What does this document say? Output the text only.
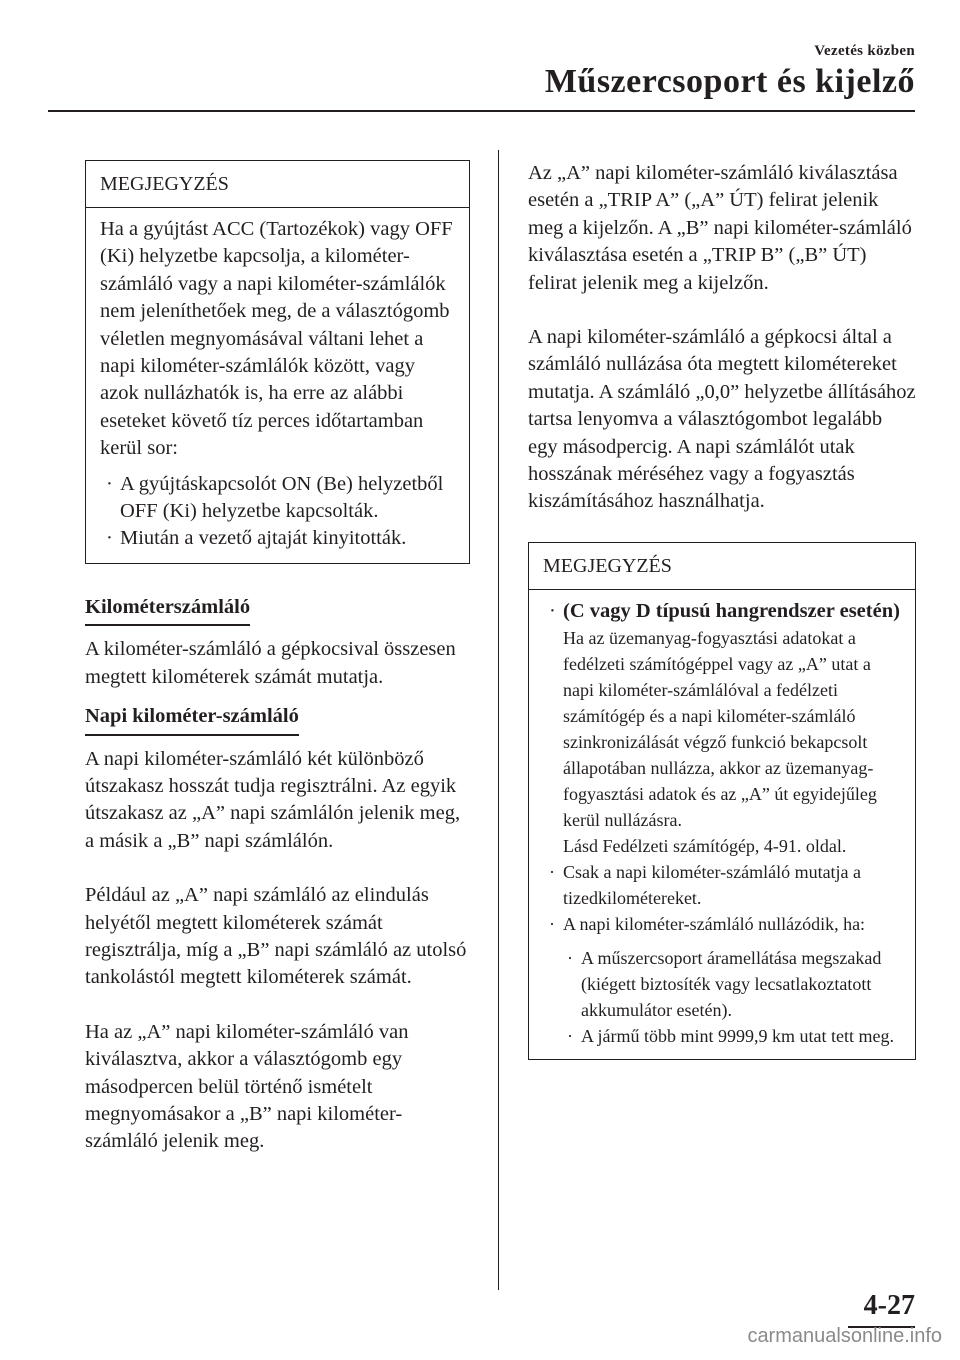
Vezetés közben
Műszercsoport és kijelző
MEGJEGYZÉS

Ha a gyújtást ACC (Tartozékok) vagy OFF (Ki) helyzetbe kapcsolja, a kilométer-számláló vagy a napi kilométer-számlálók nem jeleníthetőek meg, de a választógomb véletlen megnyomásával váltani lehet a napi kilométer-számlálók között, vagy azok nullázhatók is, ha erre az alábbi eseteket követő tíz perces időtartamban kerül sor:

· A gyújtáskapcsolót ON (Be) helyzetből OFF (Ki) helyzetbe kapcsolták.
· Miután a vezető ajtaját kinyitották.
Kilométerszámláló

A kilométer-számláló a gépkocsival összesen megtett kilométerek számát mutatja.

Napi kilométer-számláló

A napi kilométer-számláló két különböző útszakasz hosszát tudja regisztrálni. Az egyik útszakasz az „A” napi számlálón jelenik meg, a másik a „B” napi számlálón.

Például az „A” napi számláló az elindulás helyétől megtett kilométerek számát regisztrálja, míg a „B” napi számláló az utolsó tankolástól megtett kilométerek számát.

Ha az „A” napi kilométer-számláló van kiválasztva, akkor a választógomb egy másodpercen belül történő ismételt megnyomásakor a „B” napi kilométer-számláló jelenik meg.

Az „A” napi kilométer-számláló kiválasztása esetén a „TRIP A” („A” ÚT) felirat jelenik meg a kijelzőn. A „B” napi kilométer-számláló kiválasztása esetén a „TRIP B” („B” ÚT) felirat jelenik meg a kijelzőn.

A napi kilométer-számláló a gépkocsi által a számláló nullázása óta megtett kilométereket mutatja. A számláló „0,0” helyzetbe állításához tartsa lenyomva a választógombot legalább egy másodpercig. A napi számlálót utak hosszának méréséhez vagy a fogyasztás kiszámításához használhatja.

MEGJEGYZÉS
· (C vagy D típusú hangrendszer esetén)
Ha az üzemanyag-fogyasztási adatokat a fedélzeti számítógéppel vagy az „A” utat a napi kilométer-számlálóval a fedélzeti számítógép és a napi kilométer-számláló szinkronizálását végző funkció bekapcsolt állapotában nullázza, akkor az üzemanyag-fogyasztási adatok és az „A” út egyidejűleg kerül nullázásra.
Lásd Fedélzeti számítógép, 4-91. oldal.
· Csak a napi kilométer-számláló mutatja a tizedkilométereket.
· A napi kilométer-számláló nullázódik, ha:
· A műszercsoport áramellátása megszakad (kiégett biztosíték vagy lecsatlakoztatott akkumulátor esetén).
· A jármű több mint 9999,9 km utat tett meg.
4-27
carmanualsonline.info
